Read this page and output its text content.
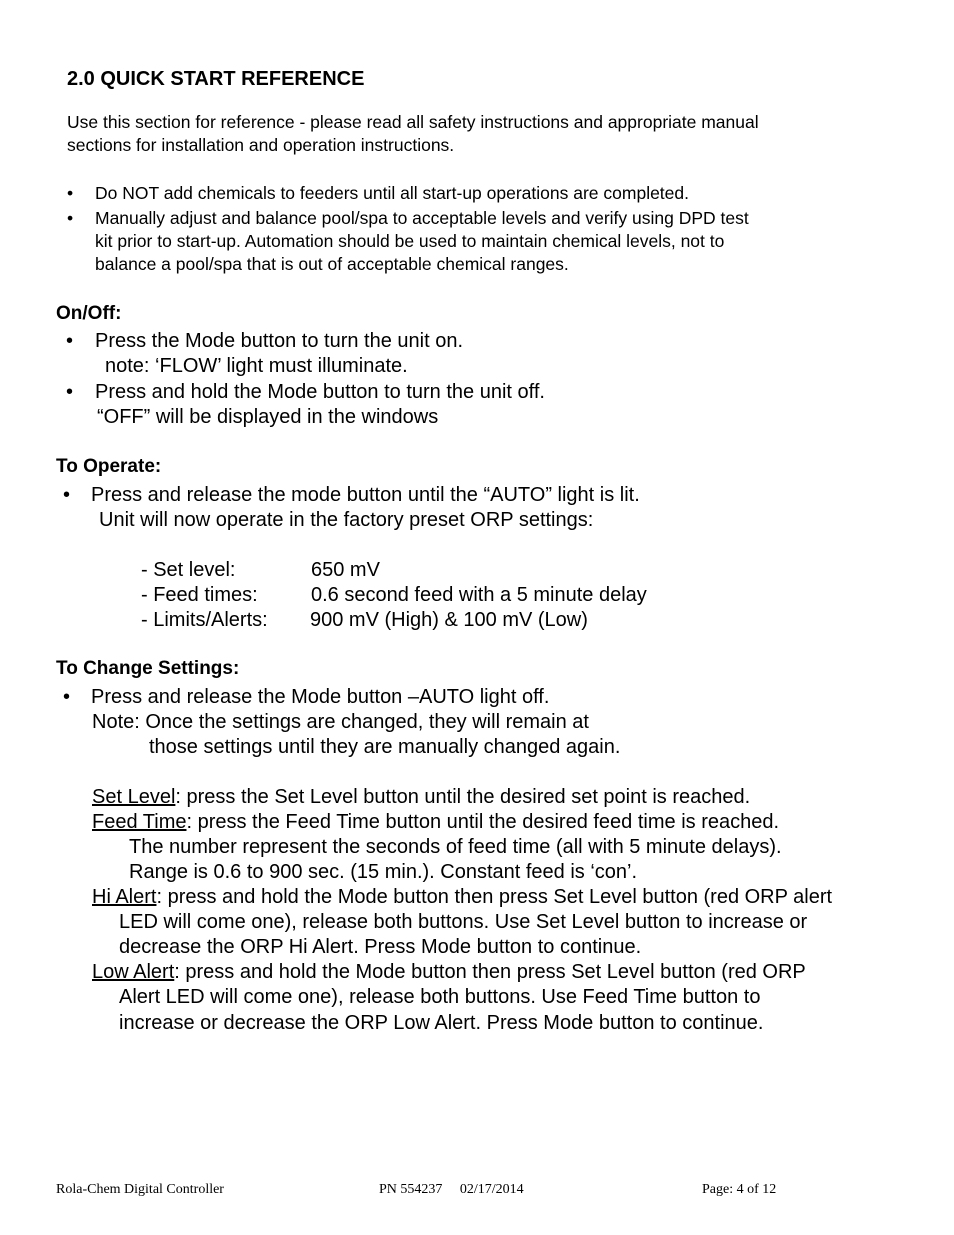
2.0 QUICK START REFERENCE
Use this section for reference - please read all safety instructions and appropriate manual
sections for installation and operation instructions.
• Do NOT add chemicals to feeders until all start-up operations are completed.
• Manually adjust and balance pool/spa to acceptable levels and verify using DPD test
kit prior to start-up. Automation should be used to maintain chemical levels, not to
balance a pool/spa that is out of acceptable chemical ranges.
On/Off:
• Press the Mode button to turn the unit on.
note: ‘FLOW’ light must illuminate.
• Press and hold the Mode button to turn the unit off.
“OFF” will be displayed in the windows
To Operate:
• Press and release the mode button until the “AUTO” light is lit.
Unit will now operate in the factory preset ORP settings:
- Set level:	650 mV
- Feed times:	0.6 second feed with a 5 minute delay
- Limits/Alerts: 900 mV (High) & 100 mV (Low)
To Change Settings:
• Press and release the Mode button –AUTO light off.
Note: Once the settings are changed, they will remain at
those settings until they are manually changed again.
Set Level: press the Set Level button until the desired set point is reached.
Feed Time: press the Feed Time button until the desired feed time is reached.
The number represent the seconds of feed time (all with 5 minute delays).
Range is 0.6 to 900 sec. (15 min.). Constant feed is ‘con’.
Hi Alert: press and hold the Mode button then press Set Level button (red ORP alert
LED will come one), release both buttons. Use Set Level button to increase or
decrease the ORP Hi Alert. Press Mode button to continue.
Low Alert: press and hold the Mode button then press Set Level button (red ORP
Alert LED will come one), release both buttons. Use Feed Time button to
increase or decrease the ORP Low Alert. Press Mode button to continue.
Rola-Chem Digital Controller	PN 554237     02/17/2014	Page: 4 of 12
